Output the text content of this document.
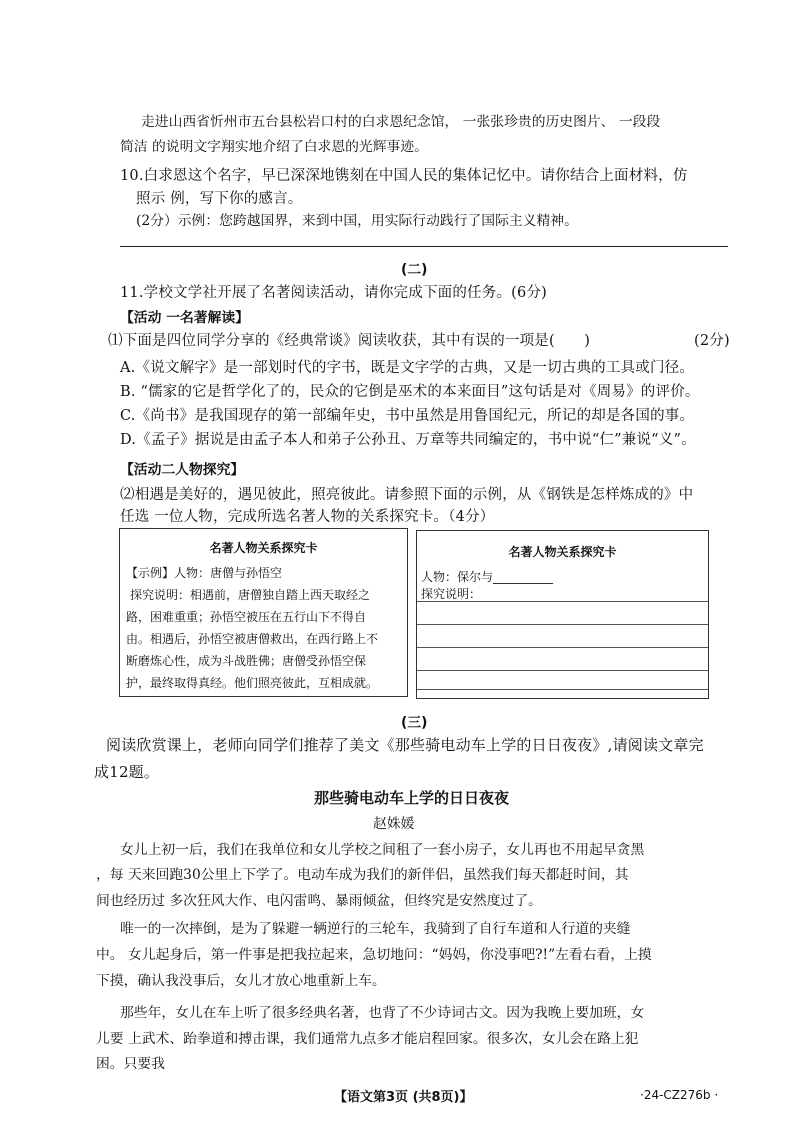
走进山西省忻州市五台县松岩口村的白求恩纪念馆， 一张张珍贵的历史图片、 一段段
简洁 的说明文字翔实地介绍了白求恩的光辉事迹。
10.白求恩这个名字，早已深深地镌刻在中国人民的集体记忆中。请你结合上面材料，仿
照示 例，写下你的感言。
(2分）示例：您跨越国界，来到中国，用实际行动践行了国际主义精神。
(二)
11.学校文学社开展了名著阅读活动，请你完成下面的任务。(6分)
【活动 一名著解读】
⑴下面是四位同学分享的《经典常谈》阅读收获，其中有误的一项是(　　)	(2分)
A.《说文解字》是一部划时代的字书，既是文字学的古典，又是一切古典的工具或门径。
B. “儒家的它是哲学化了的，民众的它倒是巫术的本来面目”这句话是对《周易》的评价。
C.《尚书》是我国现存的第一部编年史，书中虽然是用鲁国纪元，所记的却是各国的事。
D.《孟子》据说是由孟子本人和弟子公孙丑、万章等共同编定的，书中说“仁”兼说“义”。
【活动二人物探究】
⑵相遇是美好的，遇见彼此，照亮彼此。请参照下面的示例，从《钢铁是怎样炼成的》中
任选 一位人物，完成所选名著人物的关系探究卡。（4分）
名著人物关系探究卡
【示例】人物：唐僧与孙悟空
探究说明：相遇前，唐僧独自踏上西天取经之
路，困难重重；孙悟空被压在五行山下不得自
由。相遇后，孙悟空被唐僧救出，在西行路上不
断磨炼心性，成为斗战胜佛；唐僧受孙悟空保
护，最终取得真经。他们照亮彼此，互相成就。
名著人物关系探究卡
人物：保尔与__________
探究说明：
(三)
阅读欣赏课上，老师向同学们推荐了美文《那些骑电动车上学的日日夜夜》,请阅读文章完
成12题。
那些骑电动车上学的日日夜夜
赵姝媛
女儿上初一后，我们在我单位和女儿学校之间租了一套小房子，女儿再也不用起早贪黑
，每 天来回跑30公里上下学了。电动车成为我们的新伴侣，虽然我们每天都赶时间，其
间也经历过 多次狂风大作、电闪雷鸣、暴雨倾盆，但终究是安然度过了。
唯一的一次摔倒，是为了躲避一辆逆行的三轮车，我骑到了自行车道和人行道的夹缝
中。 女儿起身后，第一件事是把我拉起来，急切地问：“妈妈，你没事吧?!”左看右看，上摸
下摸，确认我没事后，女儿才放心地重新上车。
那些年，女儿在车上听了很多经典名著，也背了不少诗词古文。因为我晚上要加班，女
儿要 上武术、跆拳道和搏击课，我们通常九点多才能启程回家。很多次，女儿会在路上犯
困。只要我
【语文第3页 (共8页)】	·24-CZ276b ·
